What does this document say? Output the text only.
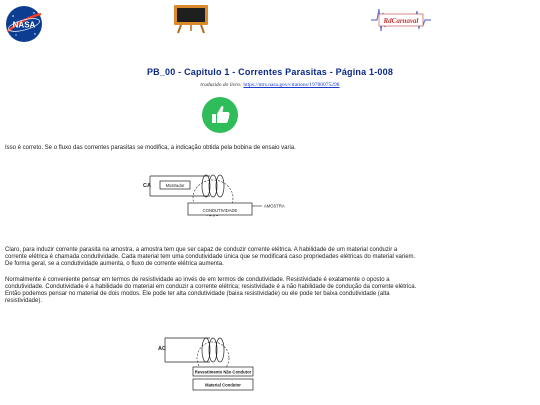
NASA	RdCarnaval
PB_00 - Capitulo 1 - Correntes Parasitas - Página 1-008
traduzido do livro: https://ntrs.nasa.gov/citations/19780075298
Isso é correto. Se o fluxo das correntes parasitas se modifica, a indicação obtida pela bobina de ensaio varia.
CA	Mostrador
CONDUTIVIDADE
AMOSTRA
Claro, para induzir corrente parasita na amostra, a amostra tem que ser capaz de conduzir corrente elétrica. A habilidade de um material conduzir a corrente elétrica é chamada condutividade. Cada material tem uma condutividade única que se modificará caso propriedades elétricas do material variem. De forma geral, se a condutividade aumenta, o fluxo de corrente elétrica aumenta.
Normalmente é conveniente pensar em termos de resistividade ao invés de em termos de condutividade. Resistividade é exatamente o oposto a condutividade. Condutividade é a habilidade do material em conduzir a corrente elétrica; resistividade é a não habilidade de condução da corrente elétrica. Então podemos pensar no material de dois modos. Ele pode ter alta condutividade (baixa resistividade) ou ele pode ter baixa condutividade (alta resistividade).
AC
Revestimento Não Condutor
Material Condutor
